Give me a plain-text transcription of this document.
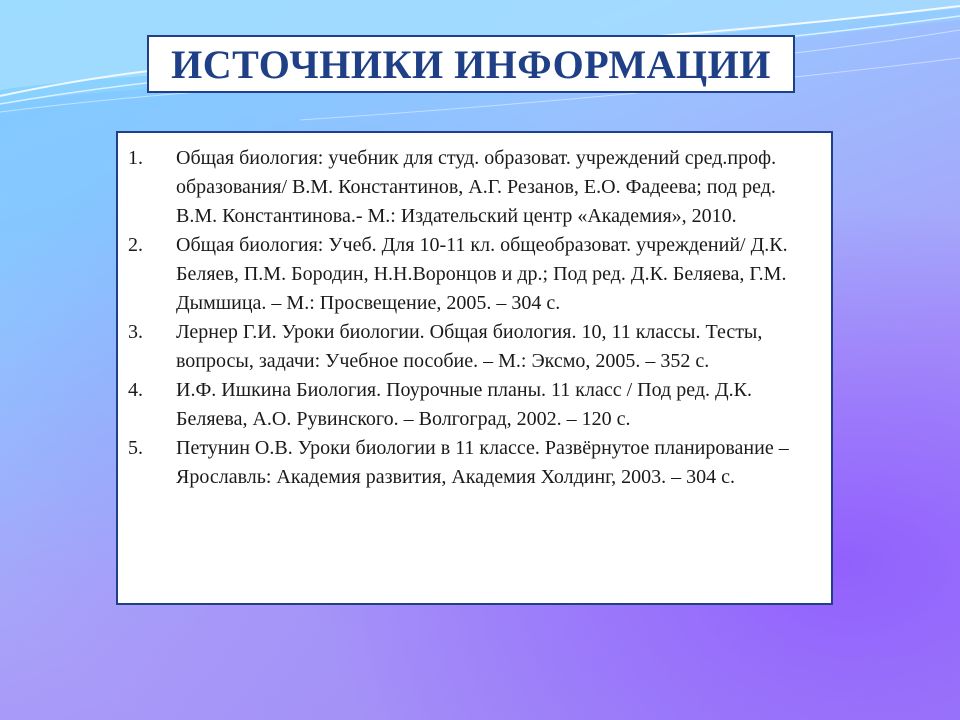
ИСТОЧНИКИ ИНФОРМАЦИИ
1.	Общая биология: учебник для студ. образоват. учреждений сред.проф. образования/ В.М. Константинов, А.Г. Резанов, Е.О. Фадеева; под ред. В.М. Константинова.- М.: Издательский центр «Академия», 2010.
2.	Общая биология: Учеб. Для 10-11 кл. общеобразоват. учреждений/ Д.К. Беляев, П.М. Бородин, Н.Н.Воронцов и др.; Под ред. Д.К. Беляева, Г.М. Дымшица. – М.: Просвещение, 2005. – 304 с.
3.	Лернер Г.И. Уроки биологии. Общая биология. 10, 11 классы. Тесты, вопросы, задачи: Учебное пособие. – М.: Эксмо, 2005. – 352 с.
4.	И.Ф. Ишкина Биология. Поурочные планы. 11 класс / Под ред. Д.К. Беляева, А.О. Рувинского. – Волгоград, 2002. – 120 с.
5.	Петунин О.В. Уроки биологии в 11 классе. Развёрнутое планирование – Ярославль: Академия развития, Академия Холдинг, 2003. – 304 с.
